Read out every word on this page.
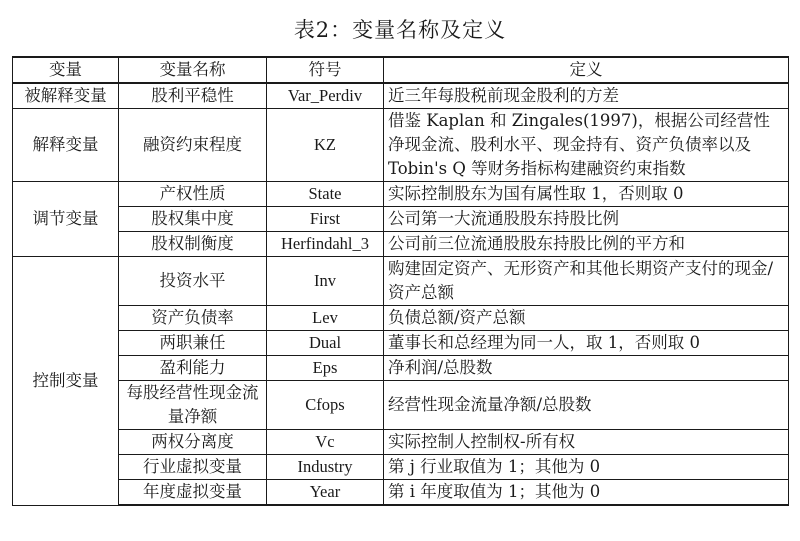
表2：变量名称及定义
变量	变量名称	符号	定义
被解释变量	股利平稳性	Var_Perdiv	近三年每股税前现金股利的方差
解释变量	融资约束程度	KZ	借鉴 Kaplan 和 Zingales(1997)，根据公司经营性净现金流、股利水平、现金持有、资产负债率以及 Tobin's Q 等财务指标构建融资约束指数
调节变量	产权性质	State	实际控制股东为国有属性取 1，否则取 0
	股权集中度	First	公司第一大流通股股东持股比例
	股权制衡度	Herfindahl_3	公司前三位流通股股东持股比例的平方和
控制变量	投资水平	Inv	购建固定资产、无形资产和其他长期资产支付的现金/资产总额
	资产负债率	Lev	负债总额/资产总额
	两职兼任	Dual	董事长和总经理为同一人，取 1，否则取 0
	盈利能力	Eps	净利润/总股数
	每股经营性现金流量净额	Cfops	经营性现金流量净额/总股数
	两权分离度	Vc	实际控制人控制权-所有权
	行业虚拟变量	Industry	第 j 行业取值为 1；其他为 0
	年度虚拟变量	Year	第 i 年度取值为 1；其他为 0
